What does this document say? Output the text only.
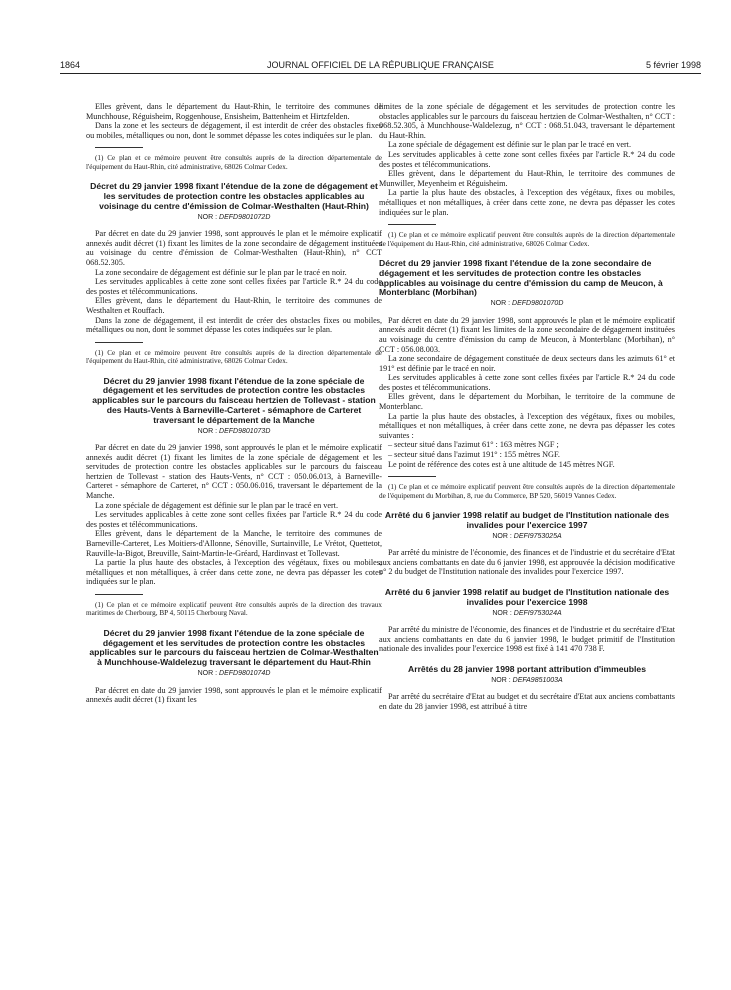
1864	JOURNAL OFFICIEL DE LA RÉPUBLIQUE FRANÇAISE	5 février 1998

Elles grèvent, dans le département du Haut-Rhin, le territoire des communes de Munchhouse, Réguisheim, Roggenhouse, Ensisheim, Battenheim et Hirtzfelden.

Dans la zone et les secteurs de dégagement, il est interdit de créer des obstacles fixes ou mobiles, métalliques ou non, dont le sommet dépasse les cotes indiquées sur le plan.

(1) Ce plan et ce mémoire peuvent être consultés auprès de la direction départementale de l'équipement du Haut-Rhin, cité administrative, 68026 Colmar Cedex.

Décret du 29 janvier 1998 fixant l'étendue de la zone de dégagement et les servitudes de protection contre les obstacles applicables au voisinage du centre d'émission de Colmar-Westhalten (Haut-Rhin)
NOR : DEFD9801072D

Par décret en date du 29 janvier 1998, sont approuvés le plan et le mémoire explicatif annexés audit décret (1) fixant les limites de la zone secondaire de dégagement instituées au voisinage du centre d'émission de Colmar-Westhalten (Haut-Rhin), n° CCT 068.52.305.

La zone secondaire de dégagement est définie sur le plan par le tracé en noir.

Les servitudes applicables à cette zone sont celles fixées par l'article R.* 24 du code des postes et télécommunications.

Elles grèvent, dans le département du Haut-Rhin, le territoire des communes de Westhalten et Rouffach.

Dans la zone de dégagement, il est interdit de créer des obstacles fixes ou mobiles, métalliques ou non, dont le sommet dépasse les cotes indiquées sur le plan.

(1) Ce plan et ce mémoire peuvent être consultés auprès de la direction départementale de l'équipement du Haut-Rhin, cité administrative, 68026 Colmar Cedex.

Décret du 29 janvier 1998 fixant l'étendue de la zone spéciale de dégagement et les servitudes de protection contre les obstacles applicables sur le parcours du faisceau hertzien de Tollevast - station des Hauts-Vents à Barneville-Carteret - sémaphore de Carteret traversant le département de la Manche
NOR : DEFD9801073D

Par décret en date du 29 janvier 1998, sont approuvés le plan et le mémoire explicatif annexés audit décret (1) fixant les limites de la zone spéciale de dégagement et les servitudes de protection contre les obstacles applicables sur le parcours du faisceau hertzien de Tollevast - station des Hauts-Vents, n° CCT : 050.06.013, à Barneville-Carteret - sémaphore de Carteret, n° CCT : 050.06.016, traversant le département de la Manche.

La zone spéciale de dégagement est définie sur le plan par le tracé en vert.

Les servitudes applicables à cette zone sont celles fixées par l'article R.* 24 du code des postes et télécommunications.

Elles grèvent, dans le département de la Manche, le territoire des communes de Barneville-Carteret, Les Moitiers-d'Allonne, Sénoville, Surtainville, Le Vrétot, Quettetot, Rauville-la-Bigot, Breuville, Saint-Martin-le-Gréard, Hardinvast et Tollevast.

La partie la plus haute des obstacles, à l'exception des végétaux, fixes ou mobiles, métalliques et non métalliques, à créer dans cette zone, ne devra pas dépasser les cotes indiquées sur le plan.

(1) Ce plan et ce mémoire explicatif peuvent être consultés auprès de la direction des travaux maritimes de Cherbourg, BP 4, 50115 Cherbourg Naval.

Décret du 29 janvier 1998 fixant l'étendue de la zone spéciale de dégagement et les servitudes de protection contre les obstacles applicables sur le parcours du faisceau hertzien de Colmar-Westhalten à Munchhouse-Waldelezug traversant le département du Haut-Rhin
NOR : DEFD9801074D

Par décret en date du 29 janvier 1998, sont approuvés le plan et le mémoire explicatif annexés audit décret (1) fixant les

limites de la zone spéciale de dégagement et les servitudes de protection contre les obstacles applicables sur le parcours du faisceau hertzien de Colmar-Westhalten, n° CCT : 068.52.305, à Munchhouse-Waldelezug, n° CCT : 068.51.043, traversant le département du Haut-Rhin.

La zone spéciale de dégagement est définie sur le plan par le tracé en vert.

Les servitudes applicables à cette zone sont celles fixées par l'article R.* 24 du code des postes et télécommunications.

Elles grèvent, dans le département du Haut-Rhin, le territoire des communes de Munwiller, Meyenheim et Réguisheim.

La partie la plus haute des obstacles, à l'exception des végétaux, fixes ou mobiles, métalliques et non métalliques, à créer dans cette zone, ne devra pas dépasser les cotes indiquées sur le plan.

(1) Ce plan et ce mémoire explicatif peuvent être consultés auprès de la direction départementale de l'équipement du Haut-Rhin, cité administrative, 68026 Colmar Cedex.

Décret du 29 janvier 1998 fixant l'étendue de la zone secondaire de dégagement et les servitudes de protection contre les obstacles applicables au voisinage du centre d'émission du camp de Meucon, à Monterblanc (Morbihan)
NOR : DEFD9801070D

Par décret en date du 29 janvier 1998, sont approuvés le plan et le mémoire explicatif annexés audit décret (1) fixant les limites de la zone secondaire de dégagement instituées au voisinage du centre d'émission du camp de Meucon, à Monterblanc (Morbihan), n° CCT : 056.08.003.

La zone secondaire de dégagement constituée de deux secteurs dans les azimuts 61° et 191° est définie par le tracé en noir.

Les servitudes applicables à cette zone sont celles fixées par l'article R.* 24 du code des postes et télécommunications.

Elles grèvent, dans le département du Morbihan, le territoire de la commune de Monterblanc.

La partie la plus haute des obstacles, à l'exception des végétaux, fixes ou mobiles, métalliques et non métalliques, à créer dans cette zone, ne devra pas dépasser les cotes suivantes :

– secteur situé dans l'azimut 61° : 163 mètres NGF ;

– secteur situé dans l'azimut 191° : 155 mètres NGF.

Le point de référence des cotes est à une altitude de 145 mètres NGF.

(1) Ce plan et ce mémoire explicatif peuvent être consultés auprès de la direction départementale de l'équipement du Morbihan, 8, rue du Commerce, BP 520, 56019 Vannes Cedex.

Arrêté du 6 janvier 1998 relatif au budget de l'Institution nationale des invalides pour l'exercice 1997
NOR : DEFI9753025A

Par arrêté du ministre de l'économie, des finances et de l'industrie et du secrétaire d'Etat aux anciens combattants en date du 6 janvier 1998, est approuvée la décision modificative n° 2 du budget de l'Institution nationale des invalides pour l'exercice 1997.

Arrêté du 6 janvier 1998 relatif au budget de l'Institution nationale des invalides pour l'exercice 1998
NOR : DEFI9753024A

Par arrêté du ministre de l'économie, des finances et de l'industrie et du secrétaire d'Etat aux anciens combattants en date du 6 janvier 1998, le budget primitif de l'Institution nationale des invalides pour l'exercice 1998 est fixé à 141 470 738 F.

Arrêtés du 28 janvier 1998 portant attribution d'immeubles
NOR : DEFA9851003A

Par arrêté du secrétaire d'Etat au budget et du secrétaire d'Etat aux anciens combattants en date du 28 janvier 1998, est attribué à titre
